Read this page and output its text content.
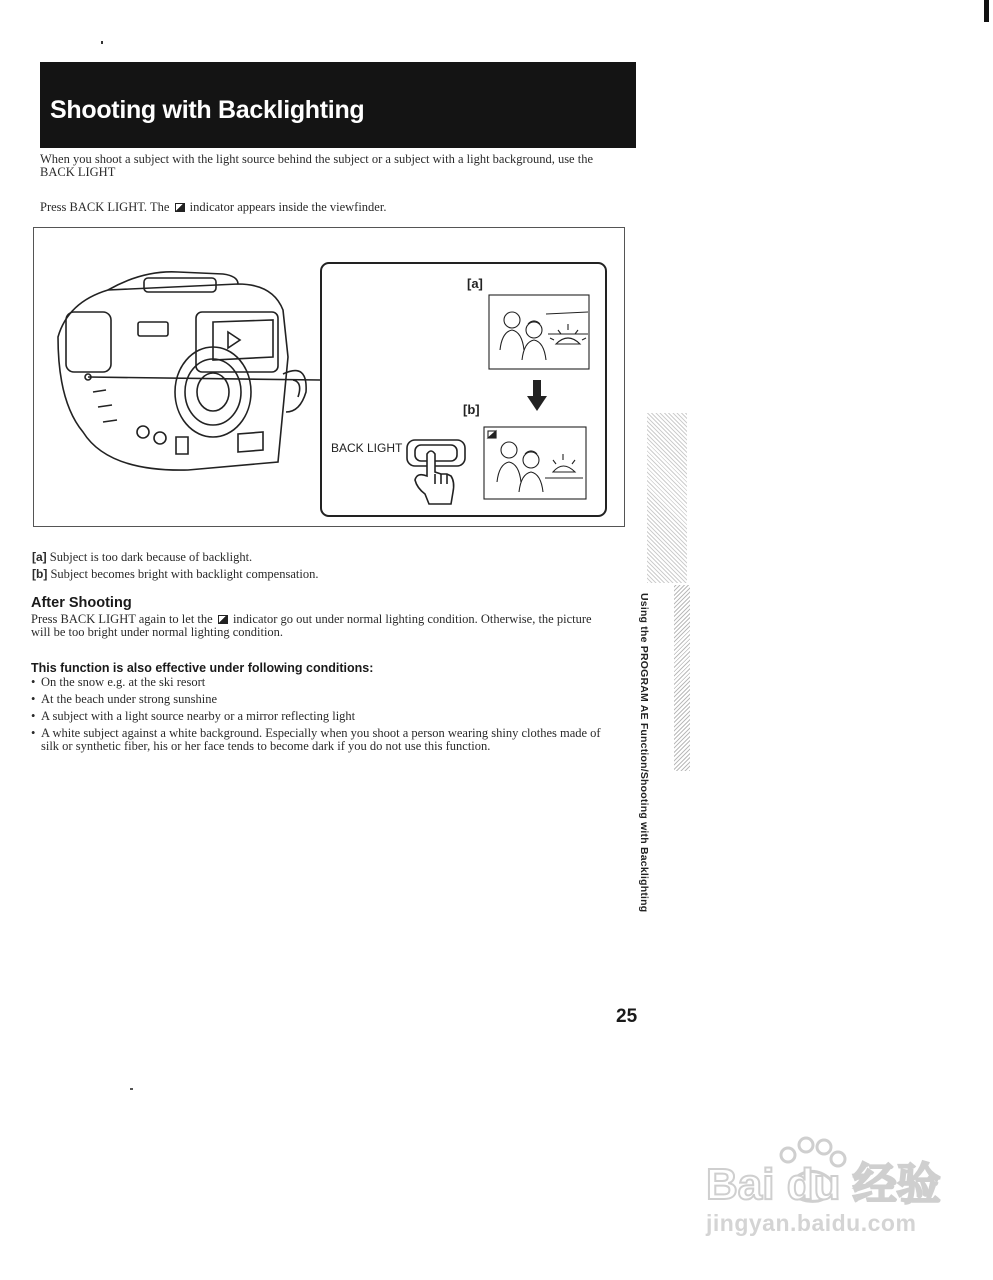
Shooting with Backlighting
When you shoot a subject with the light source behind the subject or a subject with a light background, use the BACK LIGHT
Press BACK LIGHT. The indicator appears inside the viewfinder.
[a]
[b]
BACK LIGHT
[a] Subject is too dark because of backlight.
[b] Subject becomes bright with backlight compensation.
After Shooting
Press BACK LIGHT again to let the indicator go out under normal lighting condition. Otherwise, the picture will be too bright under normal lighting condition.
This function is also effective under following conditions:
• On the snow e.g. at the ski resort
• At the beach under strong sunshine
• A subject with a light source nearby or a mirror reflecting light
• A white subject against a white background. Especially when you shoot a person wearing shiny clothes made of silk or synthetic fiber, his or her face tends to become dark if you do not use this function.	Using the PROGRAM AE Function/Shooting with Backlighting
25
Bai du 经验
jingyan.baidu.com
